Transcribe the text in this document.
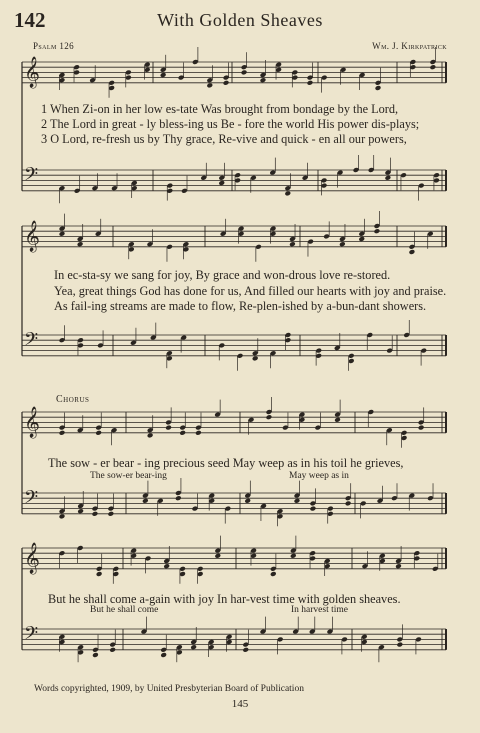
142	With Golden Sheaves
Psalm 126	Wm. J. Kirkpatrick
𝄞
𝄢
𝄞
𝄢
𝄞
𝄢
𝄞
𝄢
1 When Zi-on in her low es-tate Was brought from bondage by the Lord,
2 The Lord in great - ly bless-ing us Be - fore the world His power dis-plays;
3 O Lord, re-fresh us by Thy grace, Re-vive and quick - en all our powers,
In ec-sta-sy we sang for joy, By grace and won-drous love re-stored.
Yea, great things God has done for us, And filled our hearts with joy and praise.
As fail-ing streams are made to flow, Re-plen-ished by a-bun-dant showers.
Chorus
The sow - er bear - ing precious seed May weep as in his toil he grieves,
The sow-er bear-ing	May weep as in
But he shall come a-gain with joy In har-vest time with golden sheaves.
But he shall come	In harvest time
Words copyrighted, 1909, by United Presbyterian Board of Publication
145
